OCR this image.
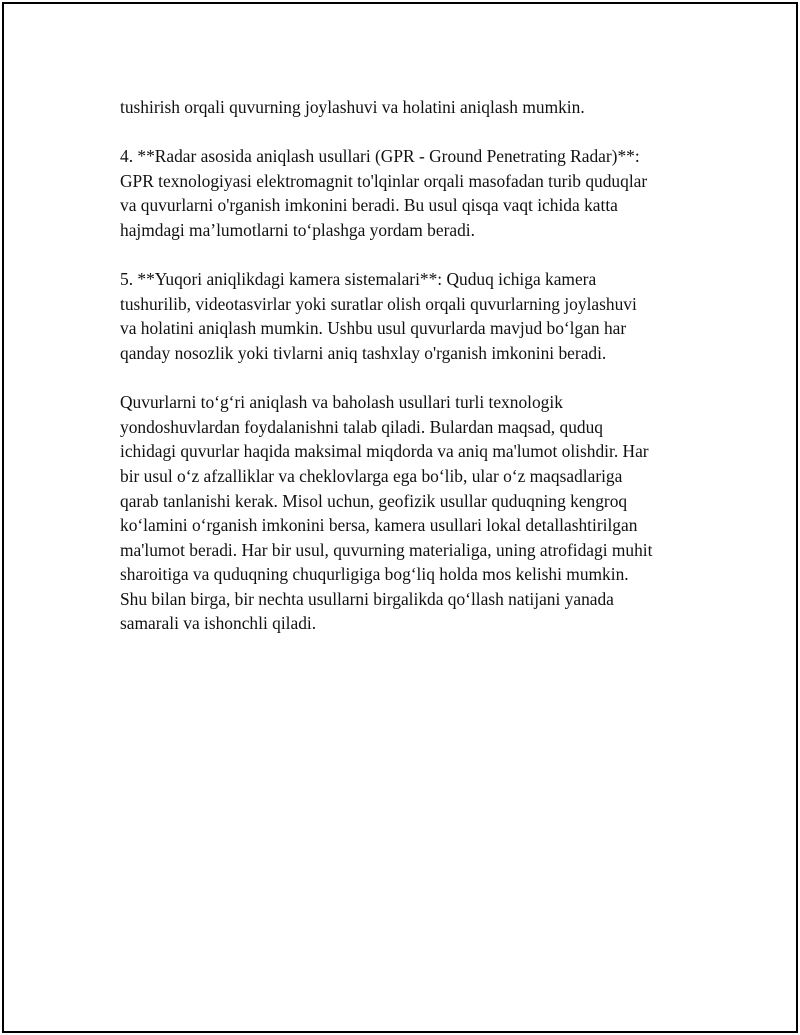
tushirish orqali quvurning joylashuvi va holatini aniqlash mumkin.

4. **Radar asosida aniqlash usullari (GPR - Ground Penetrating Radar)**:
GPR texnologiyasi elektromagnit to'lqinlar orqali masofadan turib quduqlar
va quvurlarni o'rganish imkonini beradi. Bu usul qisqa vaqt ichida katta
hajmdagi ma’lumotlarni to‘plashga yordam beradi.

5. **Yuqori aniqlikdagi kamera sistemalari**: Quduq ichiga kamera
tushurilib, videotasvirlar yoki suratlar olish orqali quvurlarning joylashuvi
va holatini aniqlash mumkin. Ushbu usul quvurlarda mavjud bo‘lgan har
qanday nosozlik yoki tivlarni aniq tashxlay o'rganish imkonini beradi.

Quvurlarni to‘g‘ri aniqlash va baholash usullari turli texnologik
yondoshuvlardan foydalanishni talab qiladi. Bulardan maqsad, quduq
ichidagi quvurlar haqida maksimal miqdorda va aniq ma'lumot olishdir. Har
bir usul o‘z afzalliklar va cheklovlarga ega bo‘lib, ular o‘z maqsadlariga
qarab tanlanishi kerak. Misol uchun, geofizik usullar quduqning kengroq
ko‘lamini o‘rganish imkonini bersa, kamera usullari lokal detallashtirilgan
ma'lumot beradi. Har bir usul, quvurning materialiga, uning atrofidagi muhit
sharoitiga va quduqning chuqurligiga bog‘liq holda mos kelishi mumkin.
Shu bilan birga, bir nechta usullarni birgalikda qo‘llash natijani yanada
samarali va ishonchli qiladi.
